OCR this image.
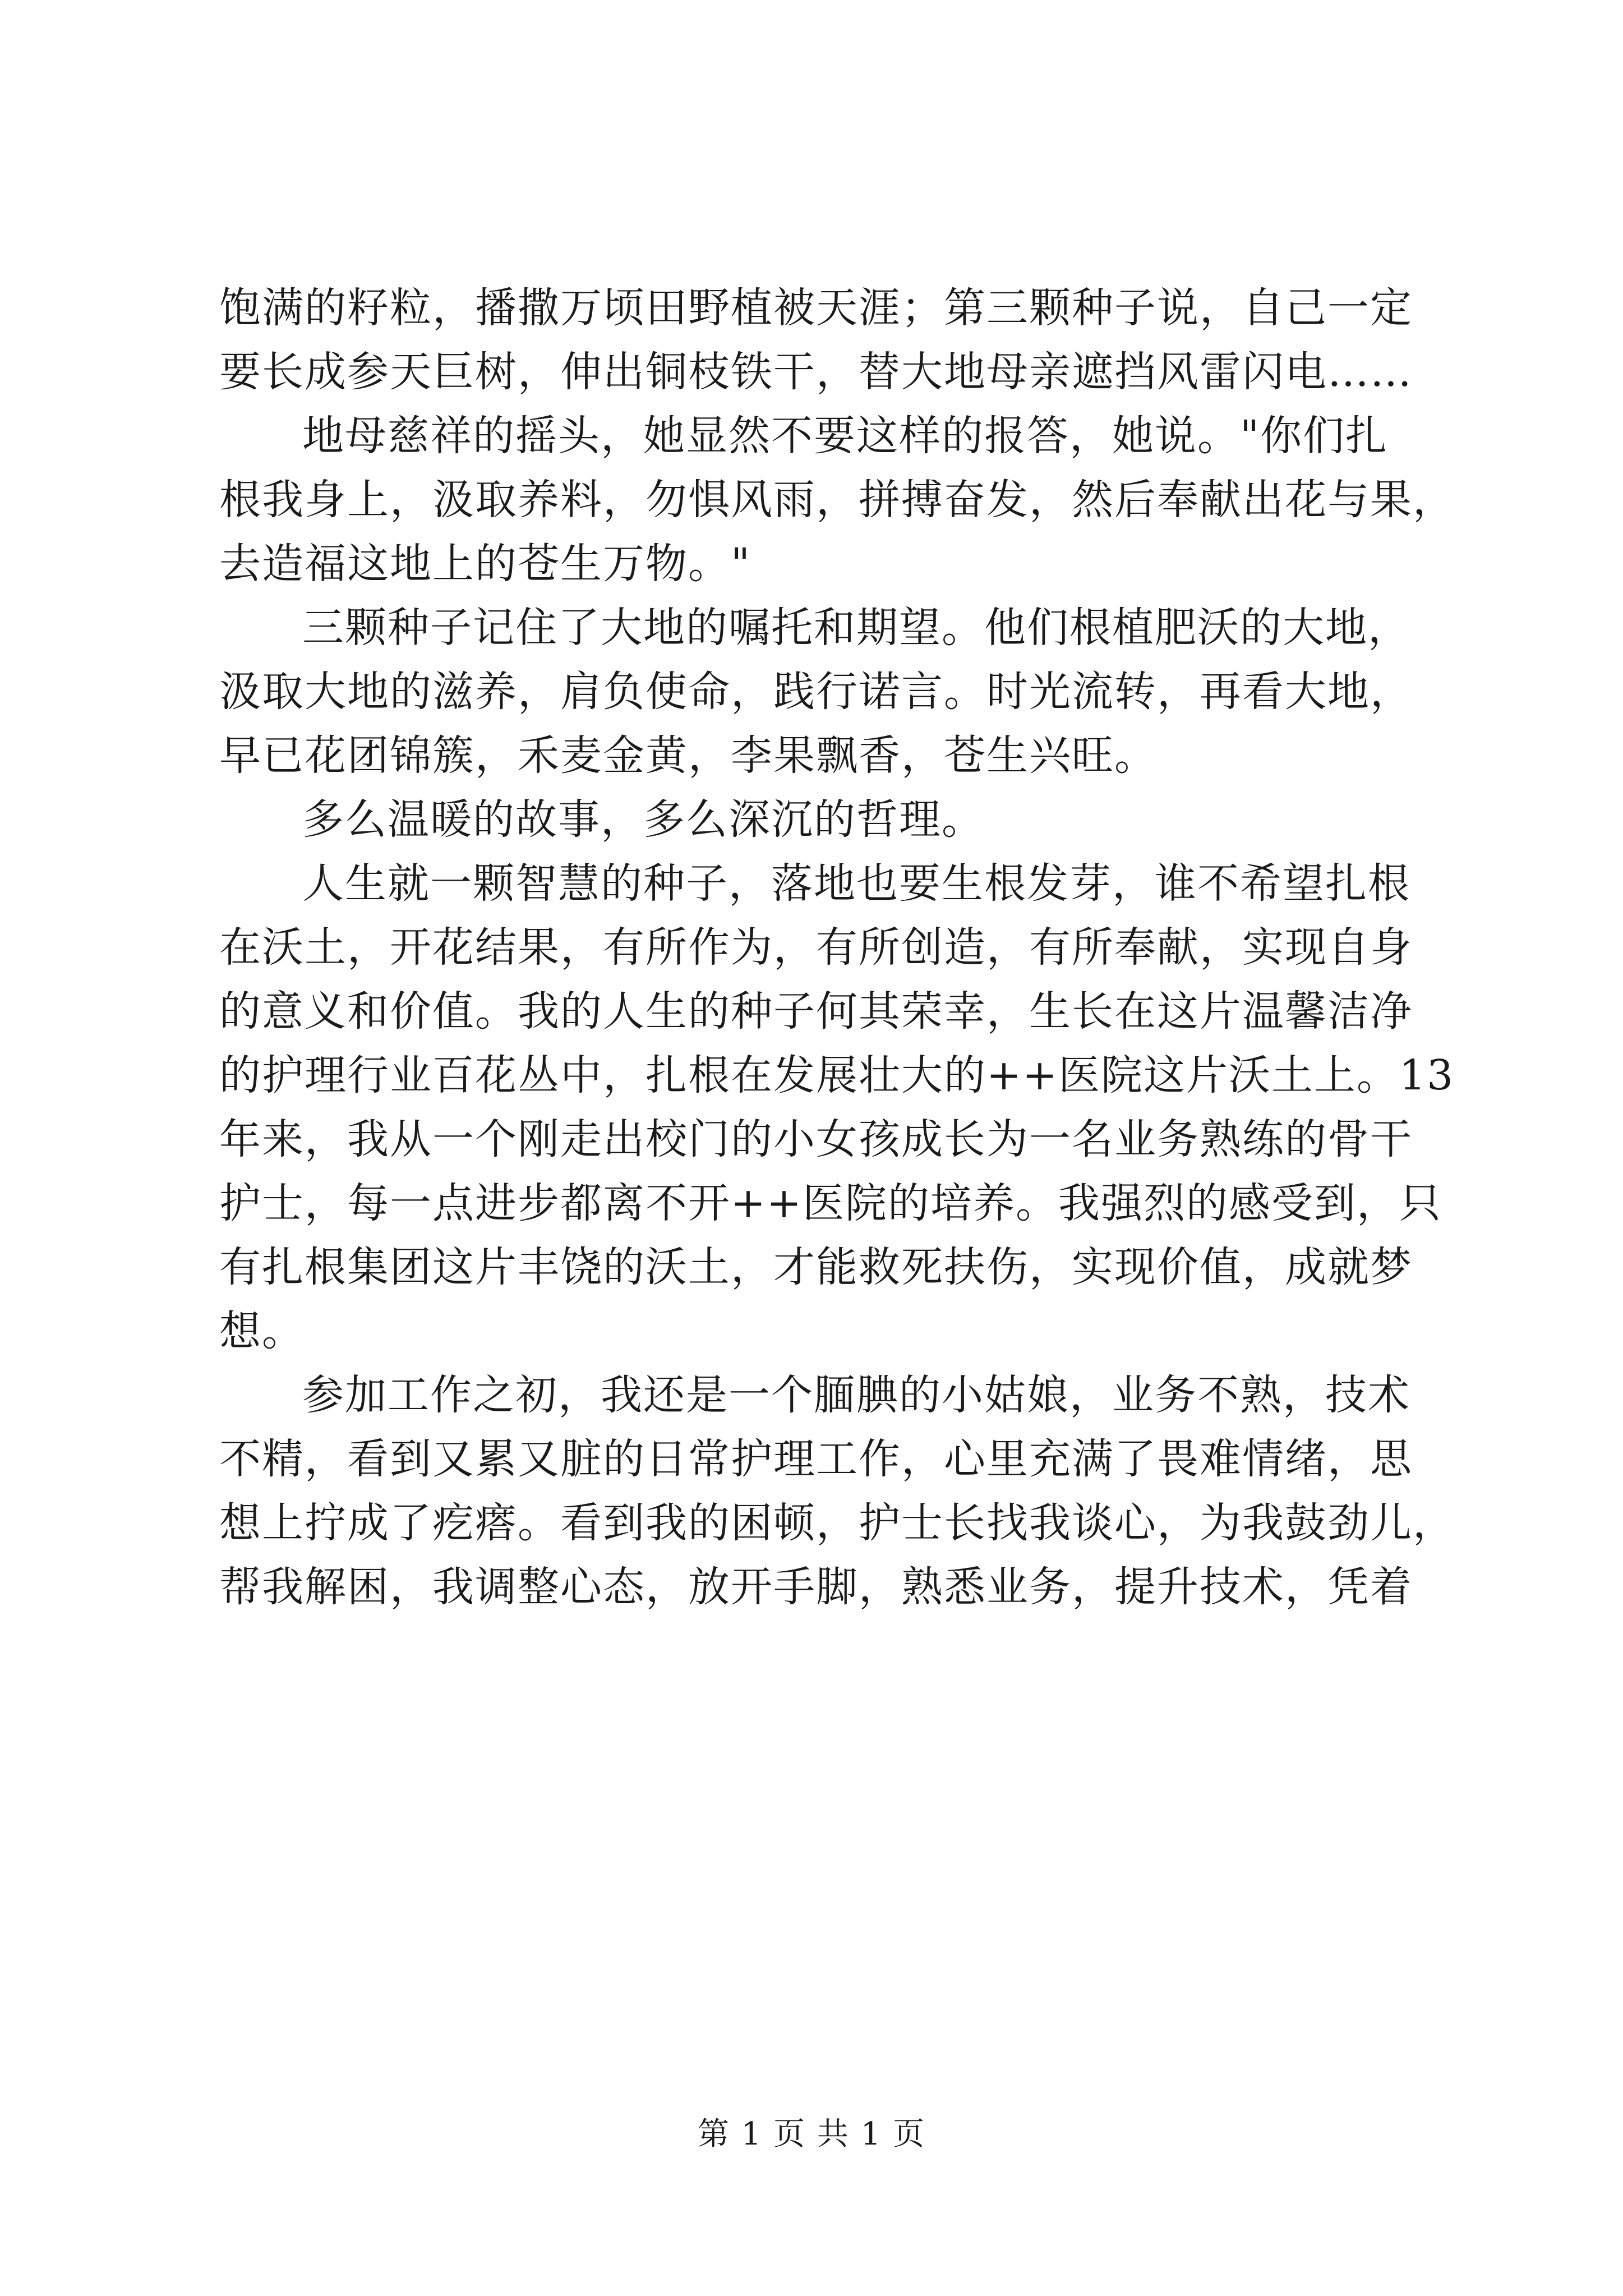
饱满的籽粒，播撒万顷田野植被天涯；第三颗种子说，自己一定
要长成参天巨树，伸出铜枝铁干，替大地母亲遮挡风雷闪电……
地母慈祥的摇头，她显然不要这样的报答，她说。"你们扎
根我身上，汲取养料，勿惧风雨，拼搏奋发，然后奉献出花与果，
去造福这地上的苍生万物。"
三颗种子记住了大地的嘱托和期望。他们根植肥沃的大地，
汲取大地的滋养，肩负使命，践行诺言。时光流转，再看大地，
早已花团锦簇，禾麦金黄，李果飘香，苍生兴旺。
多么温暖的故事，多么深沉的哲理。
人生就一颗智慧的种子，落地也要生根发芽，谁不希望扎根
在沃土，开花结果，有所作为，有所创造，有所奉献，实现自身
的意义和价值。我的人生的种子何其荣幸，生长在这片温馨洁净
的护理行业百花丛中，扎根在发展壮大的++医院这片沃土上。13
年来，我从一个刚走出校门的小女孩成长为一名业务熟练的骨干
护士，每一点进步都离不开++医院的培养。我强烈的感受到，只
有扎根集团这片丰饶的沃土，才能救死扶伤，实现价值，成就梦
想。
参加工作之初，我还是一个腼腆的小姑娘，业务不熟，技术
不精，看到又累又脏的日常护理工作，心里充满了畏难情绪，思
想上拧成了疙瘩。看到我的困顿，护士长找我谈心，为我鼓劲儿，
帮我解困，我调整心态，放开手脚，熟悉业务，提升技术，凭着
第 1 页 共 1 页
